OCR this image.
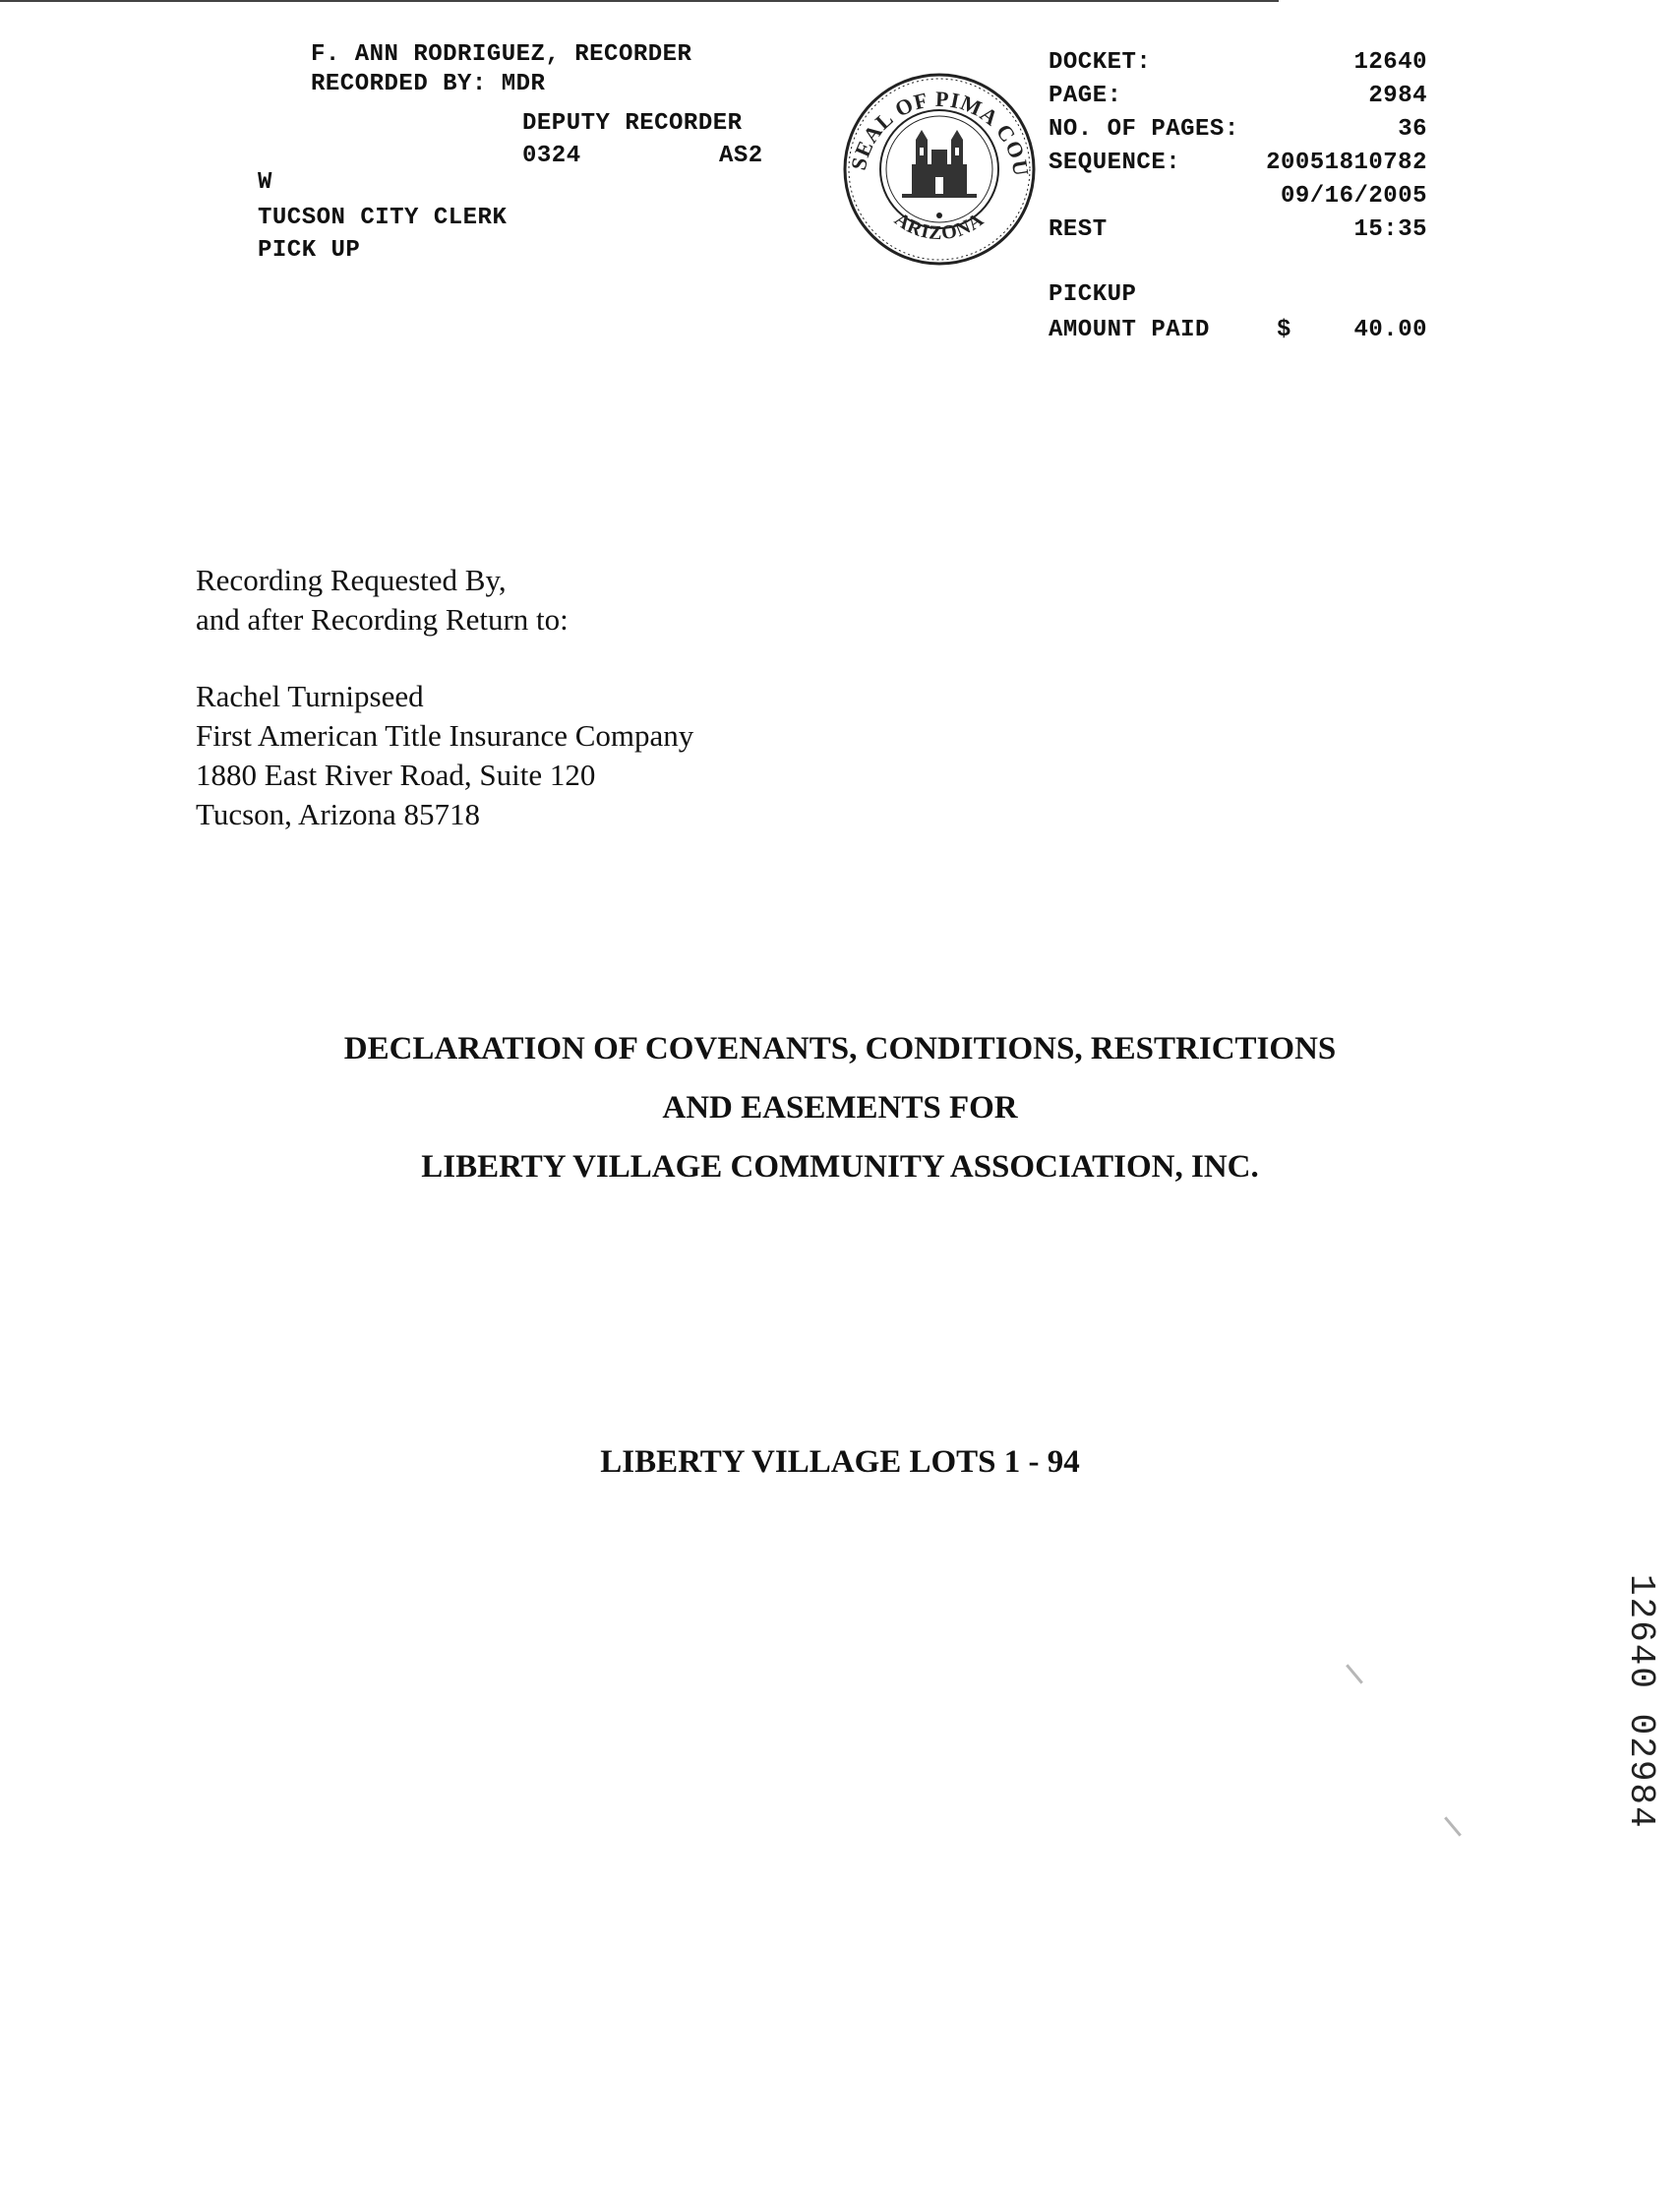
F. ANN RODRIGUEZ, RECORDER
RECORDED BY: MDR
DEPUTY RECORDER
0324	AS2
W
TUCSON CITY CLERK
PICK UP
SEAL OF PIMA COU
ARIZONA
DOCKET:	12640
PAGE:	2984
NO. OF PAGES:	36
SEQUENCE:	20051810782
09/16/2005
REST	15:35
PICKUP
AMOUNT PAID	$	40.00
Recording Requested By,
and after Recording Return to:
Rachel Turnipseed
First American Title Insurance Company
1880 East River Road, Suite 120
Tucson, Arizona 85718
DECLARATION OF COVENANTS, CONDITIONS, RESTRICTIONS
AND EASEMENTS FOR
LIBERTY VILLAGE COMMUNITY ASSOCIATION, INC.
LIBERTY VILLAGE LOTS 1 - 94
12640 02984
